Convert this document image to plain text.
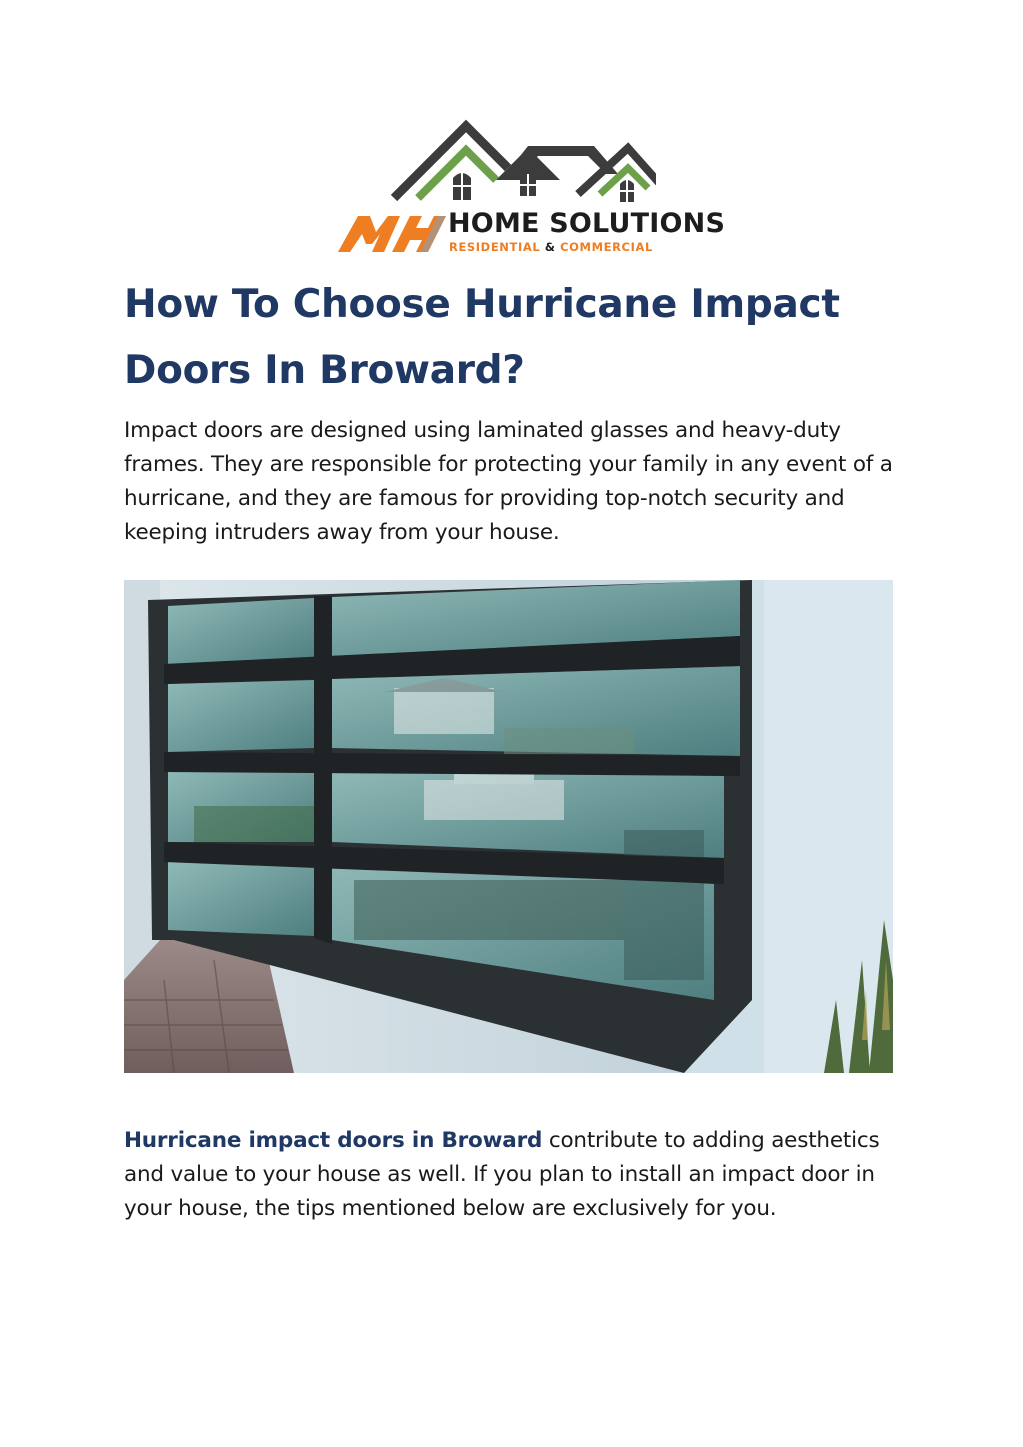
HOME SOLUTIONS
RESIDENTIAL & COMMERCIAL
How To Choose Hurricane Impact Doors In Broward?

Impact doors are designed using laminated glasses and heavy-duty frames. They are responsible for protecting your family in any event of a hurricane, and they are famous for providing top-notch security and keeping intruders away from your house.

Hurricane impact doors in Broward contribute to adding aesthetics and value to your house as well. If you plan to install an impact door in your house, the tips mentioned below are exclusively for you.
